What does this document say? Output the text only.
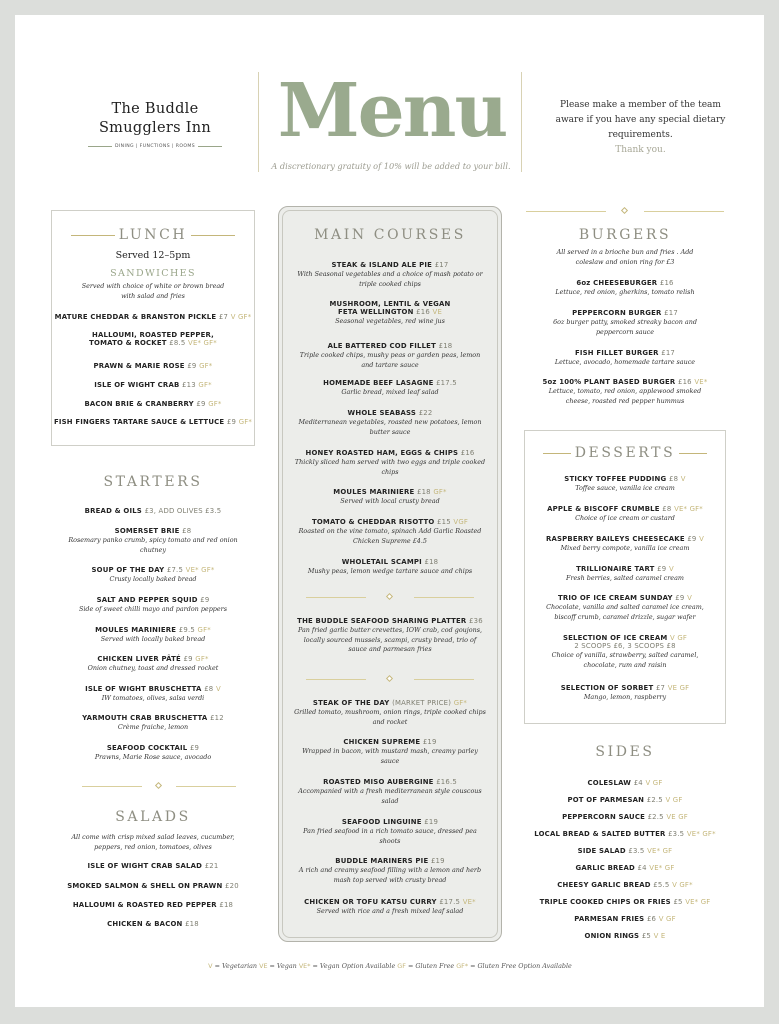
The Buddle
Smugglers Inn
DINING | FUNCTIONS | ROOMS Menu
A discretionary gratuity of 10% will be added to your bill.
Please make a member of the team aware if you have any special dietary requirements.
Thank you.
LUNCH
Served 12–5pm
SANDWICHES
Served with choice of white or brown bread with salad and fries
MATURE CHEDDAR & BRANSTON PICKLE £7 V GF*
HALLOUMI, ROASTED PEPPER,
TOMATO & ROCKET £8.5 VE* GF*
PRAWN & MARIE ROSE £9 GF*
ISLE OF WIGHT CRAB £13 GF*
BACON BRIE & CRANBERRY £9 GF*
FISH FINGERS TARTARE SAUCE & LETTUCE £9 GF*
STARTERS
BREAD & OILS £3, ADD OLIVES £3.5
SOMERSET BRIE £8
Rosemary panko crumb, spicy tomato and red onion chutney
SOUP OF THE DAY £7.5 VE* GF*
Crusty locally baked bread
SALT AND PEPPER SQUID £9
Side of sweet chilli mayo and pardon peppers
MOULES MARINIERE £9.5 GF*
Served with locally baked bread
CHICKEN LIVER PÂTÉ £9 GF*
Onion chutney, toast and dressed rocket
ISLE OF WIGHT BRUSCHETTA £8 V
IW tomatoes, olives, salsa verdi
YARMOUTH CRAB BRUSCHETTA £12
Crème fraiche, lemon
SEAFOOD COCKTAIL £9
Prawns, Marie Rose sauce, avocado
SALADS
All come with crisp mixed salad leaves, cucumber, peppers, red onion, tomatoes, olives
ISLE OF WIGHT CRAB SALAD £21
SMOKED SALMON & SHELL ON PRAWN £20
HALLOUMI & ROASTED RED PEPPER £18
CHICKEN & BACON £18
MAIN COURSES
STEAK & ISLAND ALE PIE £17
With Seasonal vegetables and a choice of mash potato or triple cooked chips
MUSHROOM, LENTIL & VEGAN
FETA WELLINGTON £16 VE
Seasonal vegetables, red wine jus
ALE BATTERED COD FILLET £18
Triple cooked chips, mushy peas or garden peas, lemon and tartare sauce
HOMEMADE BEEF LASAGNE £17.5
Garlic bread, mixed leaf salad
WHOLE SEABASS £22
Mediterranean vegetables, roasted new potatoes, lemon butter sauce
HONEY ROASTED HAM, EGGS & CHIPS £16
Thickly sliced ham served with two eggs and triple cooked chips
MOULES MARINIERE £18 GF*
Served with local crusty bread
TOMATO & CHEDDAR RISOTTO £15 VGF
Roasted on the vine tomato, spinach Add Garlic Roasted Chicken Supreme £4.5
WHOLETAIL SCAMPI £18
Mushy peas, lemon wedge tartare sauce and chips
THE BUDDLE SEAFOOD SHARING PLATTER £36
Pan fried garlic butter crevettes, IOW crab, cod goujons, locally sourced mussels, scampi, crusty bread, trio of sauce and parmesan fries
STEAK OF THE DAY (MARKET PRICE) GF*
Grilled tomato, mushroom, onion rings, triple cooked chips and rocket
CHICKEN SUPREME £19
Wrapped in bacon, with mustard mash, creamy parley sauce
ROASTED MISO AUBERGINE £16.5
Accompanied with a fresh mediterranean style couscous salad
SEAFOOD LINGUINE £19
Pan fried seafood in a rich tomato sauce, dressed pea shoots
BUDDLE MARINERS PIE £19
A rich and creamy seafood filling with a lemon and herb mash top served with crusty bread
CHICKEN OR TOFU KATSU CURRY £17.5 VE*
Served with rice and a fresh mixed leaf salad
BURGERS
All served in a brioche bun and fries . Add coleslaw and onion ring for £3
6oz CHEESEBURGER £16
Lettuce, red onion, gherkins, tomato relish
PEPPERCORN BURGER £17
6oz burger patty, smoked streaky bacon and peppercorn sauce
FISH FILLET BURGER £17
Lettuce, avocado, homemade tartare sauce
5oz 100% PLANT BASED BURGER £16 VE*
Lettuce, tomato, red onion, applewood smoked cheese, roasted red pepper hummus
DESSERTS
STICKY TOFFEE PUDDING £8 V
Toffee sauce, vanilla ice cream
APPLE & BISCOFF CRUMBLE £8 VE* GF*
Choice of ice cream or custard
RASPBERRY BAILEYS CHEESECAKE £9 V
Mixed berry compote, vanilla ice cream
TRILLIONAIRE TART £9 V
Fresh berries, salted caramel cream
TRIO OF ICE CREAM SUNDAY £9 V
Chocolate, vanilla and salted caramel ice cream, biscoff crumb, caramel drizzle, sugar wafer
SELECTION OF ICE CREAM V GF
2 SCOOPS £6, 3 SCOOPS £8
Choice of vanilla, strawberry, salted caramel, chocolate, rum and raisin
SELECTION OF SORBET £7 VE GF
Mango, lemon, raspberry
SIDES
COLESLAW £4 V GF
POT OF PARMESAN £2.5 V GF
PEPPERCORN SAUCE £2.5 VE GF
LOCAL BREAD & SALTED BUTTER £3.5 VE* GF*
SIDE SALAD £3.5 VE* GF
GARLIC BREAD £4 VE* GF
CHEESY GARLIC BREAD £5.5 V GF*
TRIPLE COOKED CHIPS OR FRIES £5 VE* GF
PARMESAN FRIES £6 V GF
ONION RINGS £5 V E
V = Vegetarian VE = Vegan VE* = Vegan Option Available GF = Gluten Free GF* = Gluten Free Option Available
